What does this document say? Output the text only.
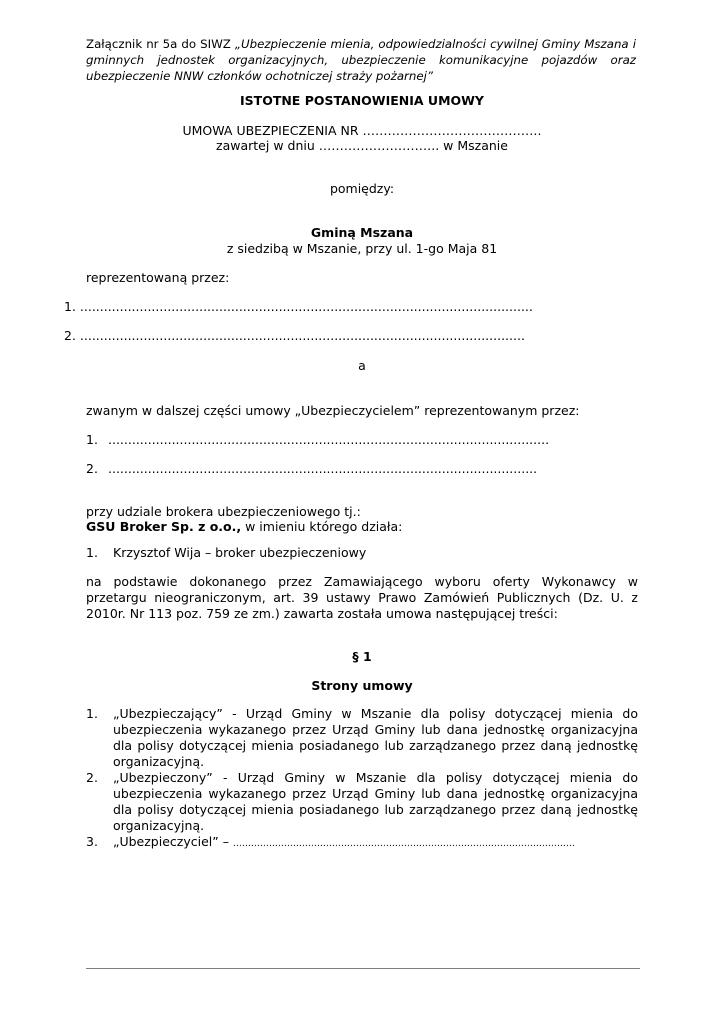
Załącznik nr 5a do SIWZ „Ubezpieczenie mienia, odpowiedzialności cywilnej Gminy Mszana i gminnych jednostek organizacyjnych, ubezpieczenie komunikacyjne pojazdów oraz ubezpieczenie NNW członków ochotniczej straży pożarnej”
ISTOTNE POSTANOWIENIA UMOWY
UMOWA UBEZPIECZENIA NR …………………………………….
zawartej w dniu ……………………….. w Mszanie
pomiędzy:
Gminą Mszana
z siedzibą w Mszanie, przy ul. 1-go Maja 81
reprezentowaną przez:
1. ..................................................................................................................
2. ................................................................................................................
a
zwanym w dalszej części umowy „Ubezpieczycielem” reprezentowanym przez:
1. ...............................................................................................................
2. ............................................................................................................
przy udziale brokera ubezpieczeniowego tj.:
GSU Broker Sp. z o.o., w imieniu którego działa:
1. Krzysztof Wija – broker ubezpieczeniowy
na podstawie dokonanego przez Zamawiającego wyboru oferty Wykonawcy w przetargu nieograniczonym, art. 39 ustawy Prawo Zamówień Publicznych (Dz. U. z 2010r. Nr 113 poz. 759 ze zm.) zawarta została umowa następującej treści:
§ 1
Strony umowy
1. „Ubezpieczający” - Urząd Gminy w Mszanie dla polisy dotyczącej mienia do ubezpieczenia wykazanego przez Urząd Gminy lub dana jednostkę organizacyjna dla polisy dotyczącej mienia posiadanego lub zarządzanego przez daną jednostkę organizacyjną.
2. „Ubezpieczony” - Urząd Gminy w Mszanie dla polisy dotyczącej mienia do ubezpieczenia wykazanego przez Urząd Gminy lub dana jednostkę organizacyjna dla polisy dotyczącej mienia posiadanego lub zarządzanego przez daną jednostkę organizacyjną.
3. „Ubezpieczyciel” – ……………………………………………………………………………………………………
